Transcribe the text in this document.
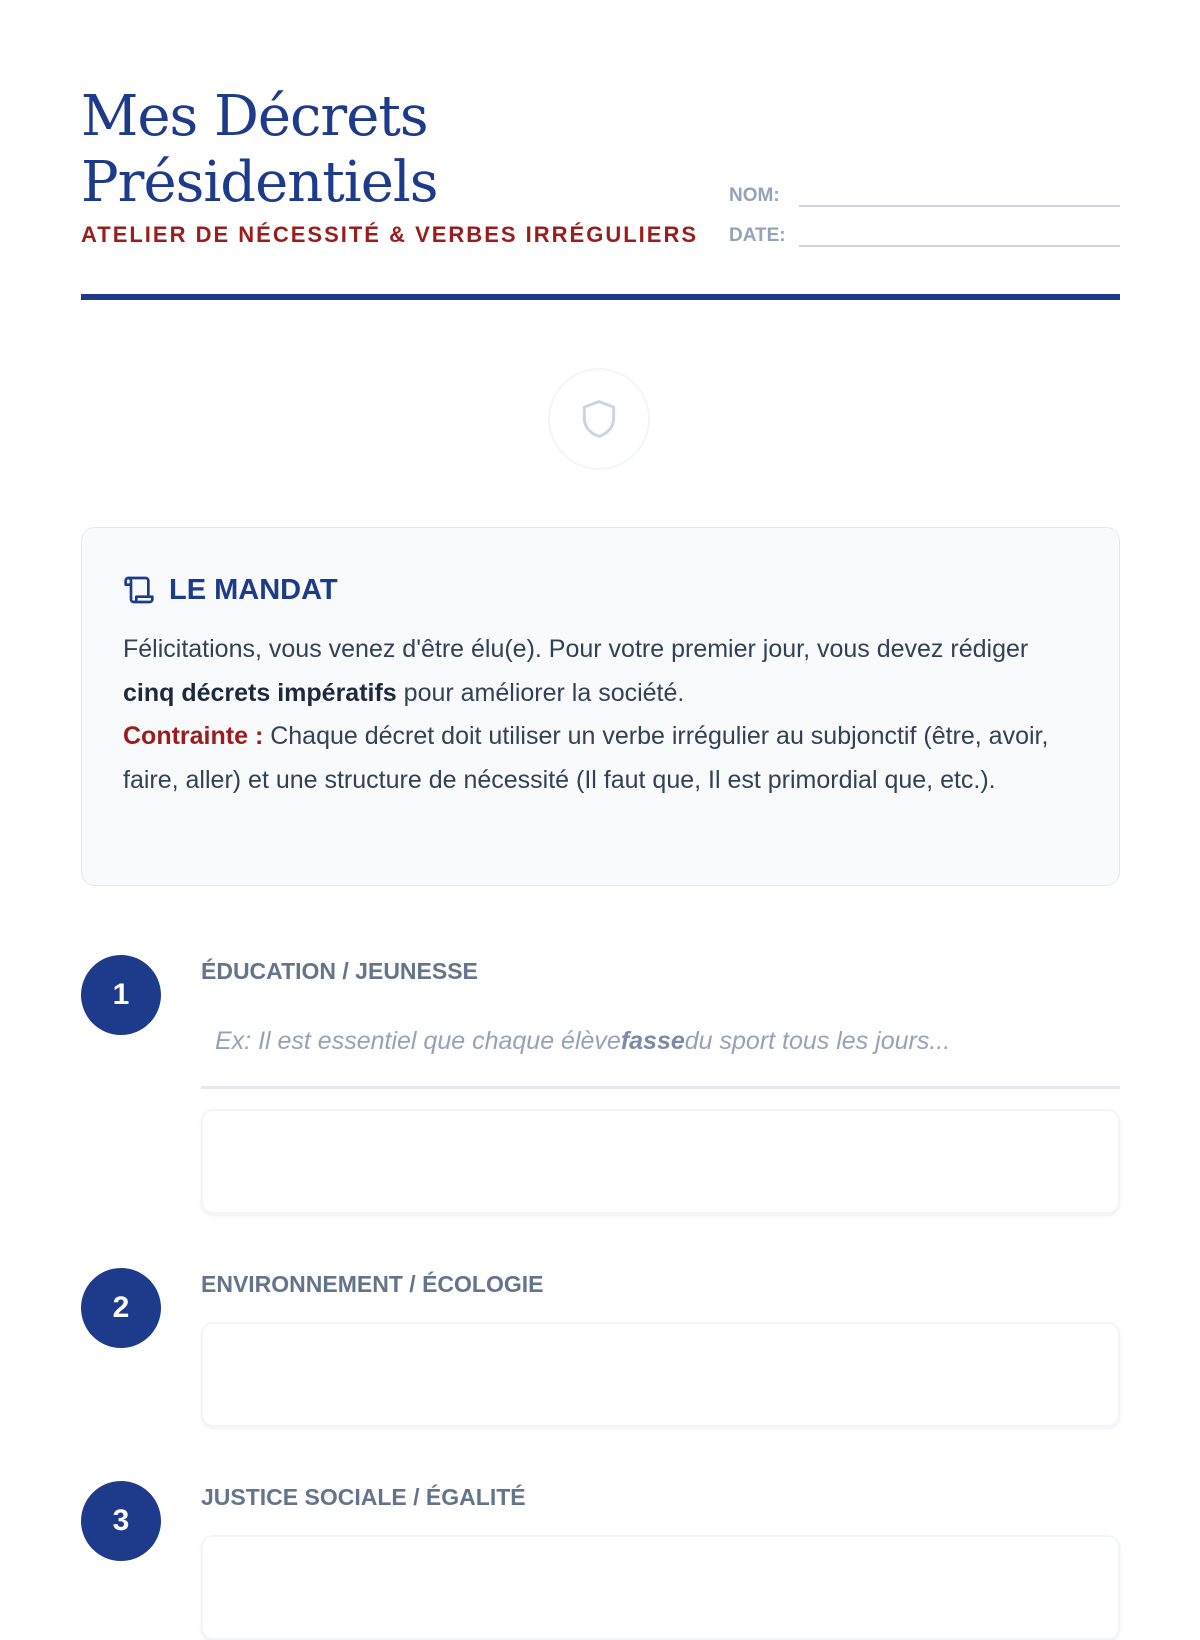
Mes Décrets Présidentiels
ATELIER DE NÉCESSITÉ & VERBES IRRÉGULIERS
NOM:
DATE:
LE MANDAT

Félicitations, vous venez d'être élu(e). Pour votre premier jour, vous devez rédiger cinq décrets impératifs pour améliorer la société.
Contrainte : Chaque décret doit utiliser un verbe irrégulier au subjonctif (être, avoir, faire, aller) et une structure de nécessité (Il faut que, Il est primordial que, etc.).

1
ÉDUCATION / JEUNESSE
Ex: Il est essentiel que chaque élèvefassedu sport tous les jours...
2
ENVIRONNEMENT / ÉCOLOGIE
3
JUSTICE SOCIALE / ÉGALITÉ
